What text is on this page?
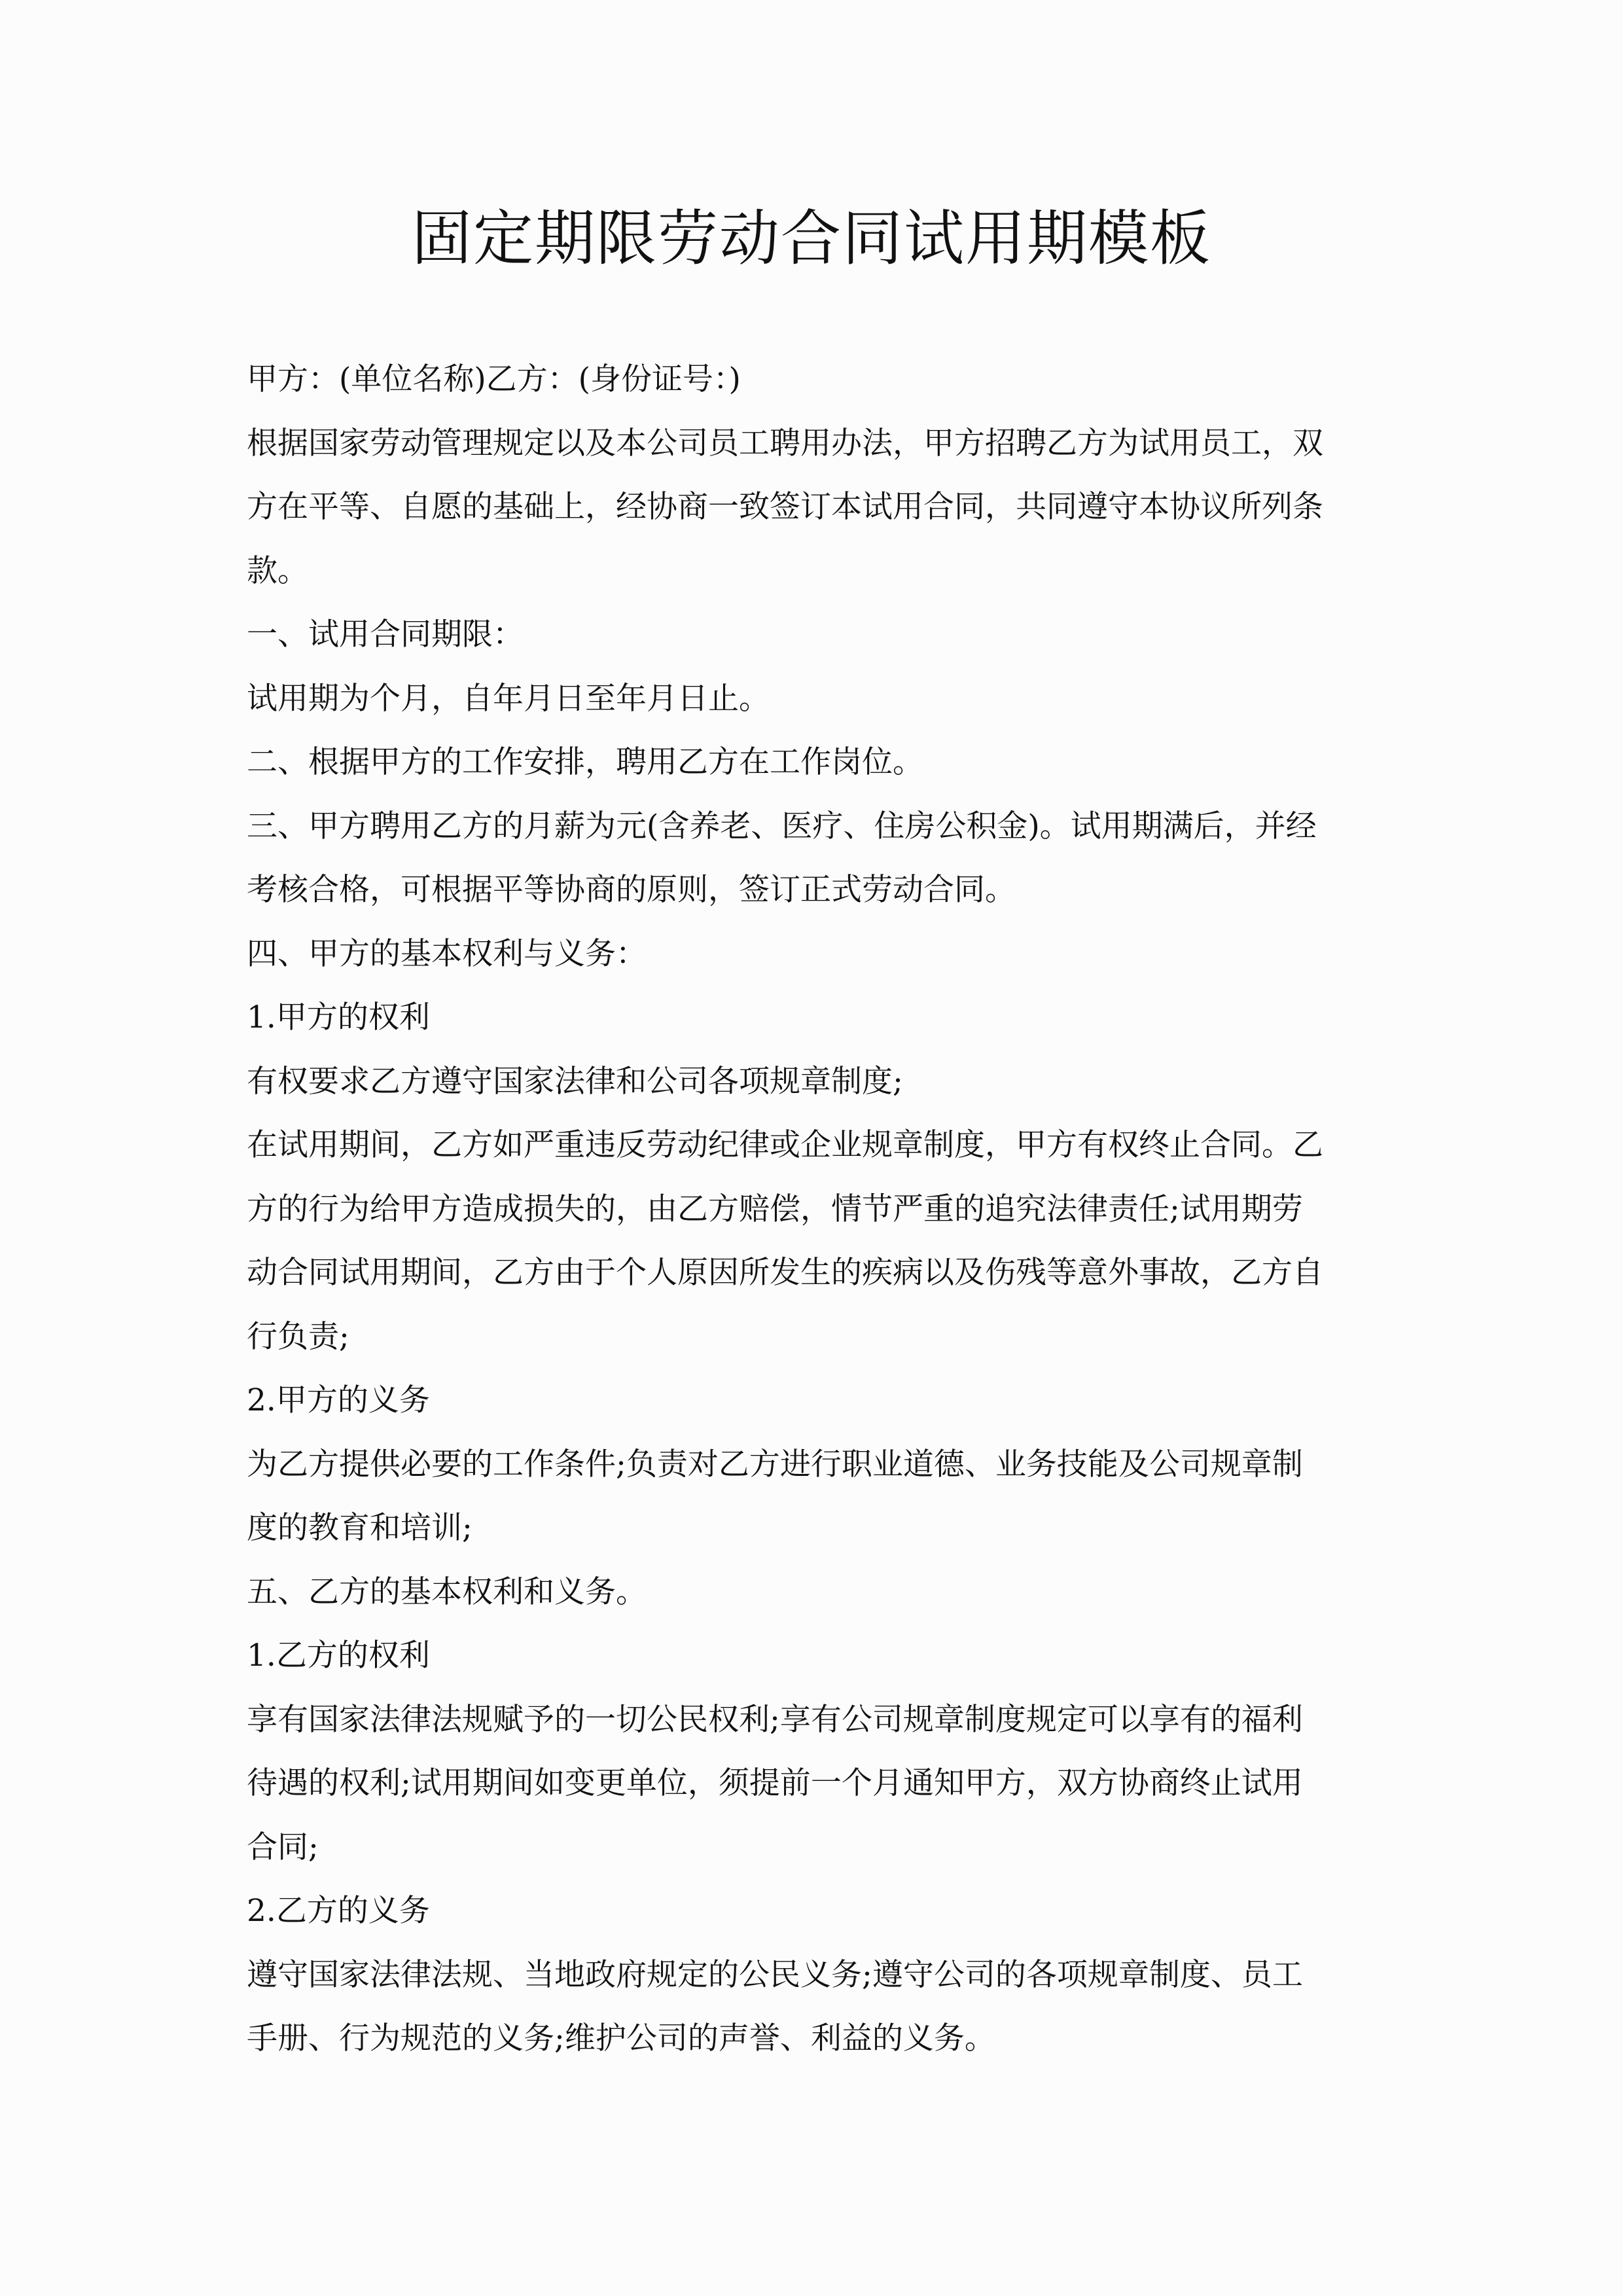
固定期限劳动合同试用期模板

甲方：(单位名称)乙方：(身份证号：)

根据国家劳动管理规定以及本公司员工聘用办法，甲方招聘乙方为试用员工，双
方在平等、自愿的基础上，经协商一致签订本试用合同，共同遵守本协议所列条
款。

一、试用合同期限：

试用期为个月，自年月日至年月日止。

二、根据甲方的工作安排，聘用乙方在工作岗位。

三、甲方聘用乙方的月薪为元(含养老、医疗、住房公积金)。试用期满后，并经
考核合格，可根据平等协商的原则，签订正式劳动合同。

四、甲方的基本权利与义务：

1.甲方的权利

有权要求乙方遵守国家法律和公司各项规章制度;

在试用期间，乙方如严重违反劳动纪律或企业规章制度，甲方有权终止合同。乙
方的行为给甲方造成损失的，由乙方赔偿，情节严重的追究法律责任;试用期劳
动合同试用期间，乙方由于个人原因所发生的疾病以及伤残等意外事故，乙方自
行负责;

2.甲方的义务

为乙方提供必要的工作条件;负责对乙方进行职业道德、业务技能及公司规章制
度的教育和培训;

五、乙方的基本权利和义务。

1.乙方的权利

享有国家法律法规赋予的一切公民权利;享有公司规章制度规定可以享有的福利
待遇的权利;试用期间如变更单位，须提前一个月通知甲方，双方协商终止试用
合同;

2.乙方的义务

遵守国家法律法规、当地政府规定的公民义务;遵守公司的各项规章制度、员工
手册、行为规范的义务;维护公司的声誉、利益的义务。
